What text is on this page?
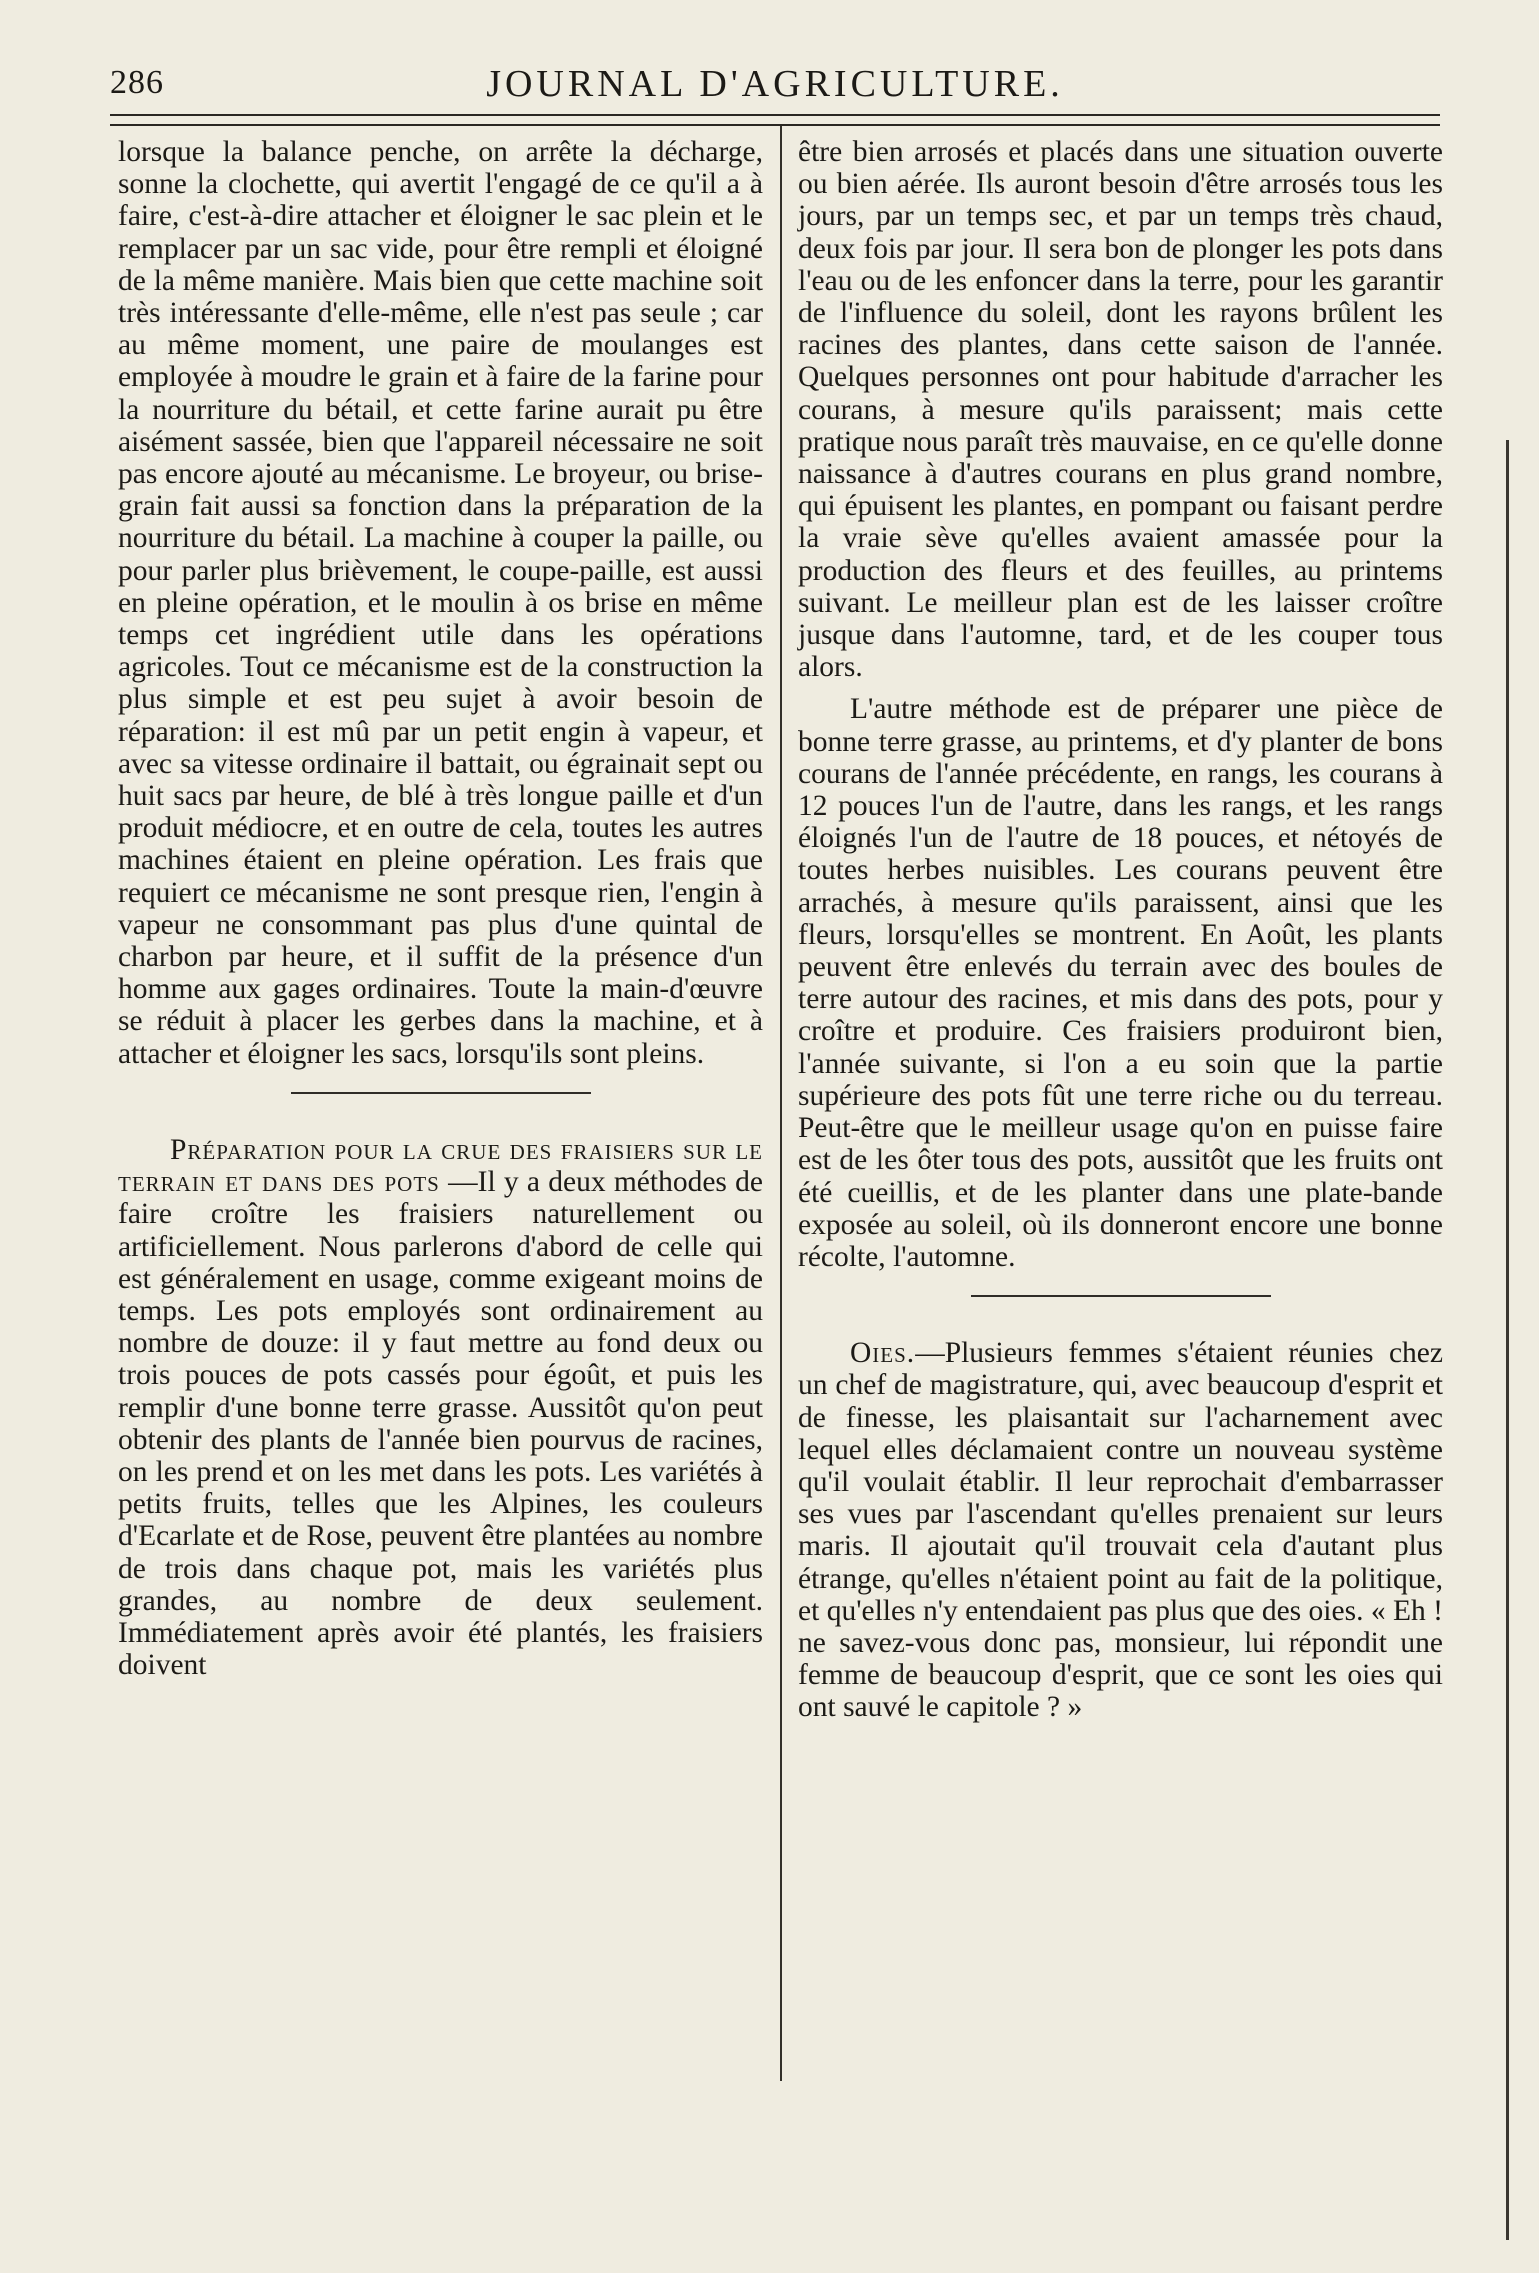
286	JOURNAL D'AGRICULTURE.

lorsque la balance penche, on arrête la décharge, sonne la clochette, qui avertit l'engagé de ce qu'il a à faire, c'est-à-dire attacher et éloigner le sac plein et le remplacer par un sac vide, pour être rempli et éloigné de la même manière. Mais bien que cette machine soit très intéressante d'elle-même, elle n'est pas seule ; car au même moment, une paire de moulanges est employée à moudre le grain et à faire de la farine pour la nourriture du bétail, et cette farine aurait pu être aisément sassée, bien que l'appareil nécessaire ne soit pas encore ajouté au mécanisme. Le broyeur, ou brise-grain fait aussi sa fonction dans la préparation de la nourriture du bétail. La machine à couper la paille, ou pour parler plus brièvement, le coupe-paille, est aussi en pleine opération, et le moulin à os brise en même temps cet ingrédient utile dans les opérations agricoles. Tout ce mécanisme est de la construction la plus simple et est peu sujet à avoir besoin de réparation: il est mû par un petit engin à vapeur, et avec sa vitesse ordinaire il battait, ou égrainait sept ou huit sacs par heure, de blé à très longue paille et d'un produit médiocre, et en outre de cela, toutes les autres machines étaient en pleine opération. Les frais que requiert ce mécanisme ne sont presque rien, l'engin à vapeur ne consommant pas plus d'une quintal de charbon par heure, et il suffit de la présence d'un homme aux gages ordinaires. Toute la main-d'œuvre se réduit à placer les gerbes dans la machine, et à attacher et éloigner les sacs, lorsqu'ils sont pleins.

Préparation pour la crue des fraisiers sur le terrain et dans des pots —Il y a deux méthodes de faire croître les fraisiers naturellement ou artificiellement. Nous parlerons d'abord de celle qui est généralement en usage, comme exigeant moins de temps. Les pots employés sont ordinairement au nombre de douze: il y faut mettre au fond deux ou trois pouces de pots cassés pour égoût, et puis les remplir d'une bonne terre grasse. Aussitôt qu'on peut obtenir des plants de l'année bien pourvus de racines, on les prend et on les met dans les pots. Les variétés à petits fruits, telles que les Alpines, les couleurs d'Ecarlate et de Rose, peuvent être plantées au nombre de trois dans chaque pot, mais les variétés plus grandes, au nombre de deux seulement. Immédiatement après avoir été plantés, les fraisiers doivent

être bien arrosés et placés dans une situation ouverte ou bien aérée. Ils auront besoin d'être arrosés tous les jours, par un temps sec, et par un temps très chaud, deux fois par jour. Il sera bon de plonger les pots dans l'eau ou de les enfoncer dans la terre, pour les garantir de l'influence du soleil, dont les rayons brûlent les racines des plantes, dans cette saison de l'année. Quelques personnes ont pour habitude d'arracher les courans, à mesure qu'ils paraissent; mais cette pratique nous paraît très mauvaise, en ce qu'elle donne naissance à d'autres courans en plus grand nombre, qui épuisent les plantes, en pompant ou faisant perdre la vraie sève qu'elles avaient amassée pour la production des fleurs et des feuilles, au printems suivant. Le meilleur plan est de les laisser croître jusque dans l'automne, tard, et de les couper tous alors.

L'autre méthode est de préparer une pièce de bonne terre grasse, au printems, et d'y planter de bons courans de l'année précédente, en rangs, les courans à 12 pouces l'un de l'autre, dans les rangs, et les rangs éloignés l'un de l'autre de 18 pouces, et nétoyés de toutes herbes nuisibles. Les courans peuvent être arrachés, à mesure qu'ils paraissent, ainsi que les fleurs, lorsqu'elles se montrent. En Août, les plants peuvent être enlevés du terrain avec des boules de terre autour des racines, et mis dans des pots, pour y croître et produire. Ces fraisiers produiront bien, l'année suivante, si l'on a eu soin que la partie supérieure des pots fût une terre riche ou du terreau. Peut-être que le meilleur usage qu'on en puisse faire est de les ôter tous des pots, aussitôt que les fruits ont été cueillis, et de les planter dans une plate-bande exposée au soleil, où ils donneront encore une bonne récolte, l'automne.

Oies.—Plusieurs femmes s'étaient réunies chez un chef de magistrature, qui, avec beaucoup d'esprit et de finesse, les plaisantait sur l'acharnement avec lequel elles déclamaient contre un nouveau système qu'il voulait établir. Il leur reprochait d'embarrasser ses vues par l'ascendant qu'elles prenaient sur leurs maris. Il ajoutait qu'il trouvait cela d'autant plus étrange, qu'elles n'étaient point au fait de la politique, et qu'elles n'y entendaient pas plus que des oies. « Eh ! ne savez-vous donc pas, monsieur, lui répondit une femme de beaucoup d'esprit, que ce sont les oies qui ont sauvé le capitole ? »
